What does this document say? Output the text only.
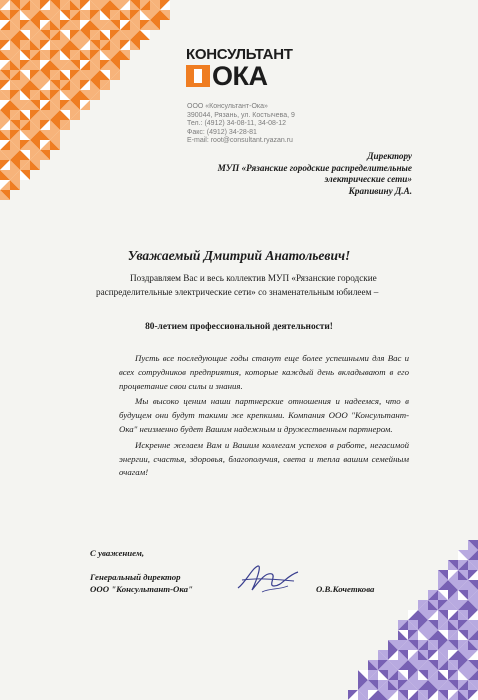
КОНСУЛЬТАНТ
ОКА
ООО «Консультант-Ока»
390044, Рязань, ул. Костычева, 9
Тел.: (4912) 34-08-11, 34-08-12
Факс: (4912) 34-28-81
E-mail: root@consultant.ryazan.ru
Директору
МУП «Рязанские городские распределительные
электрические сети»
Крапивину Д.А.
Уважаемый Дмитрий Анатольевич!
Поздравляем Вас и весь коллектив МУП «Рязанские городские
распределительные электрические сети» со знаменательным юбилеем –
80-летием профессиональной деятельности!

Пусть все последующие годы станут еще более успешными для Вас и всех сотрудников предприятия, которые каждый день вкладывают в его процветание свои силы и знания.

Мы высоко ценим наши партнерские отношения и надеемся, что в будущем они будут такими же крепкими. Компания ООО "Консультант-Ока" неизменно будет Вашим надежным и дружественным партнером.

Искренне желаем Вам и Вашим коллегам успехов в работе, негасимой энергии, счастья, здоровья, благополучия, света и тепла вашим семейным очагам!

С уважением,
Генеральный директор
ООО "Консультант-Ока"	О.В.Кочеткова
